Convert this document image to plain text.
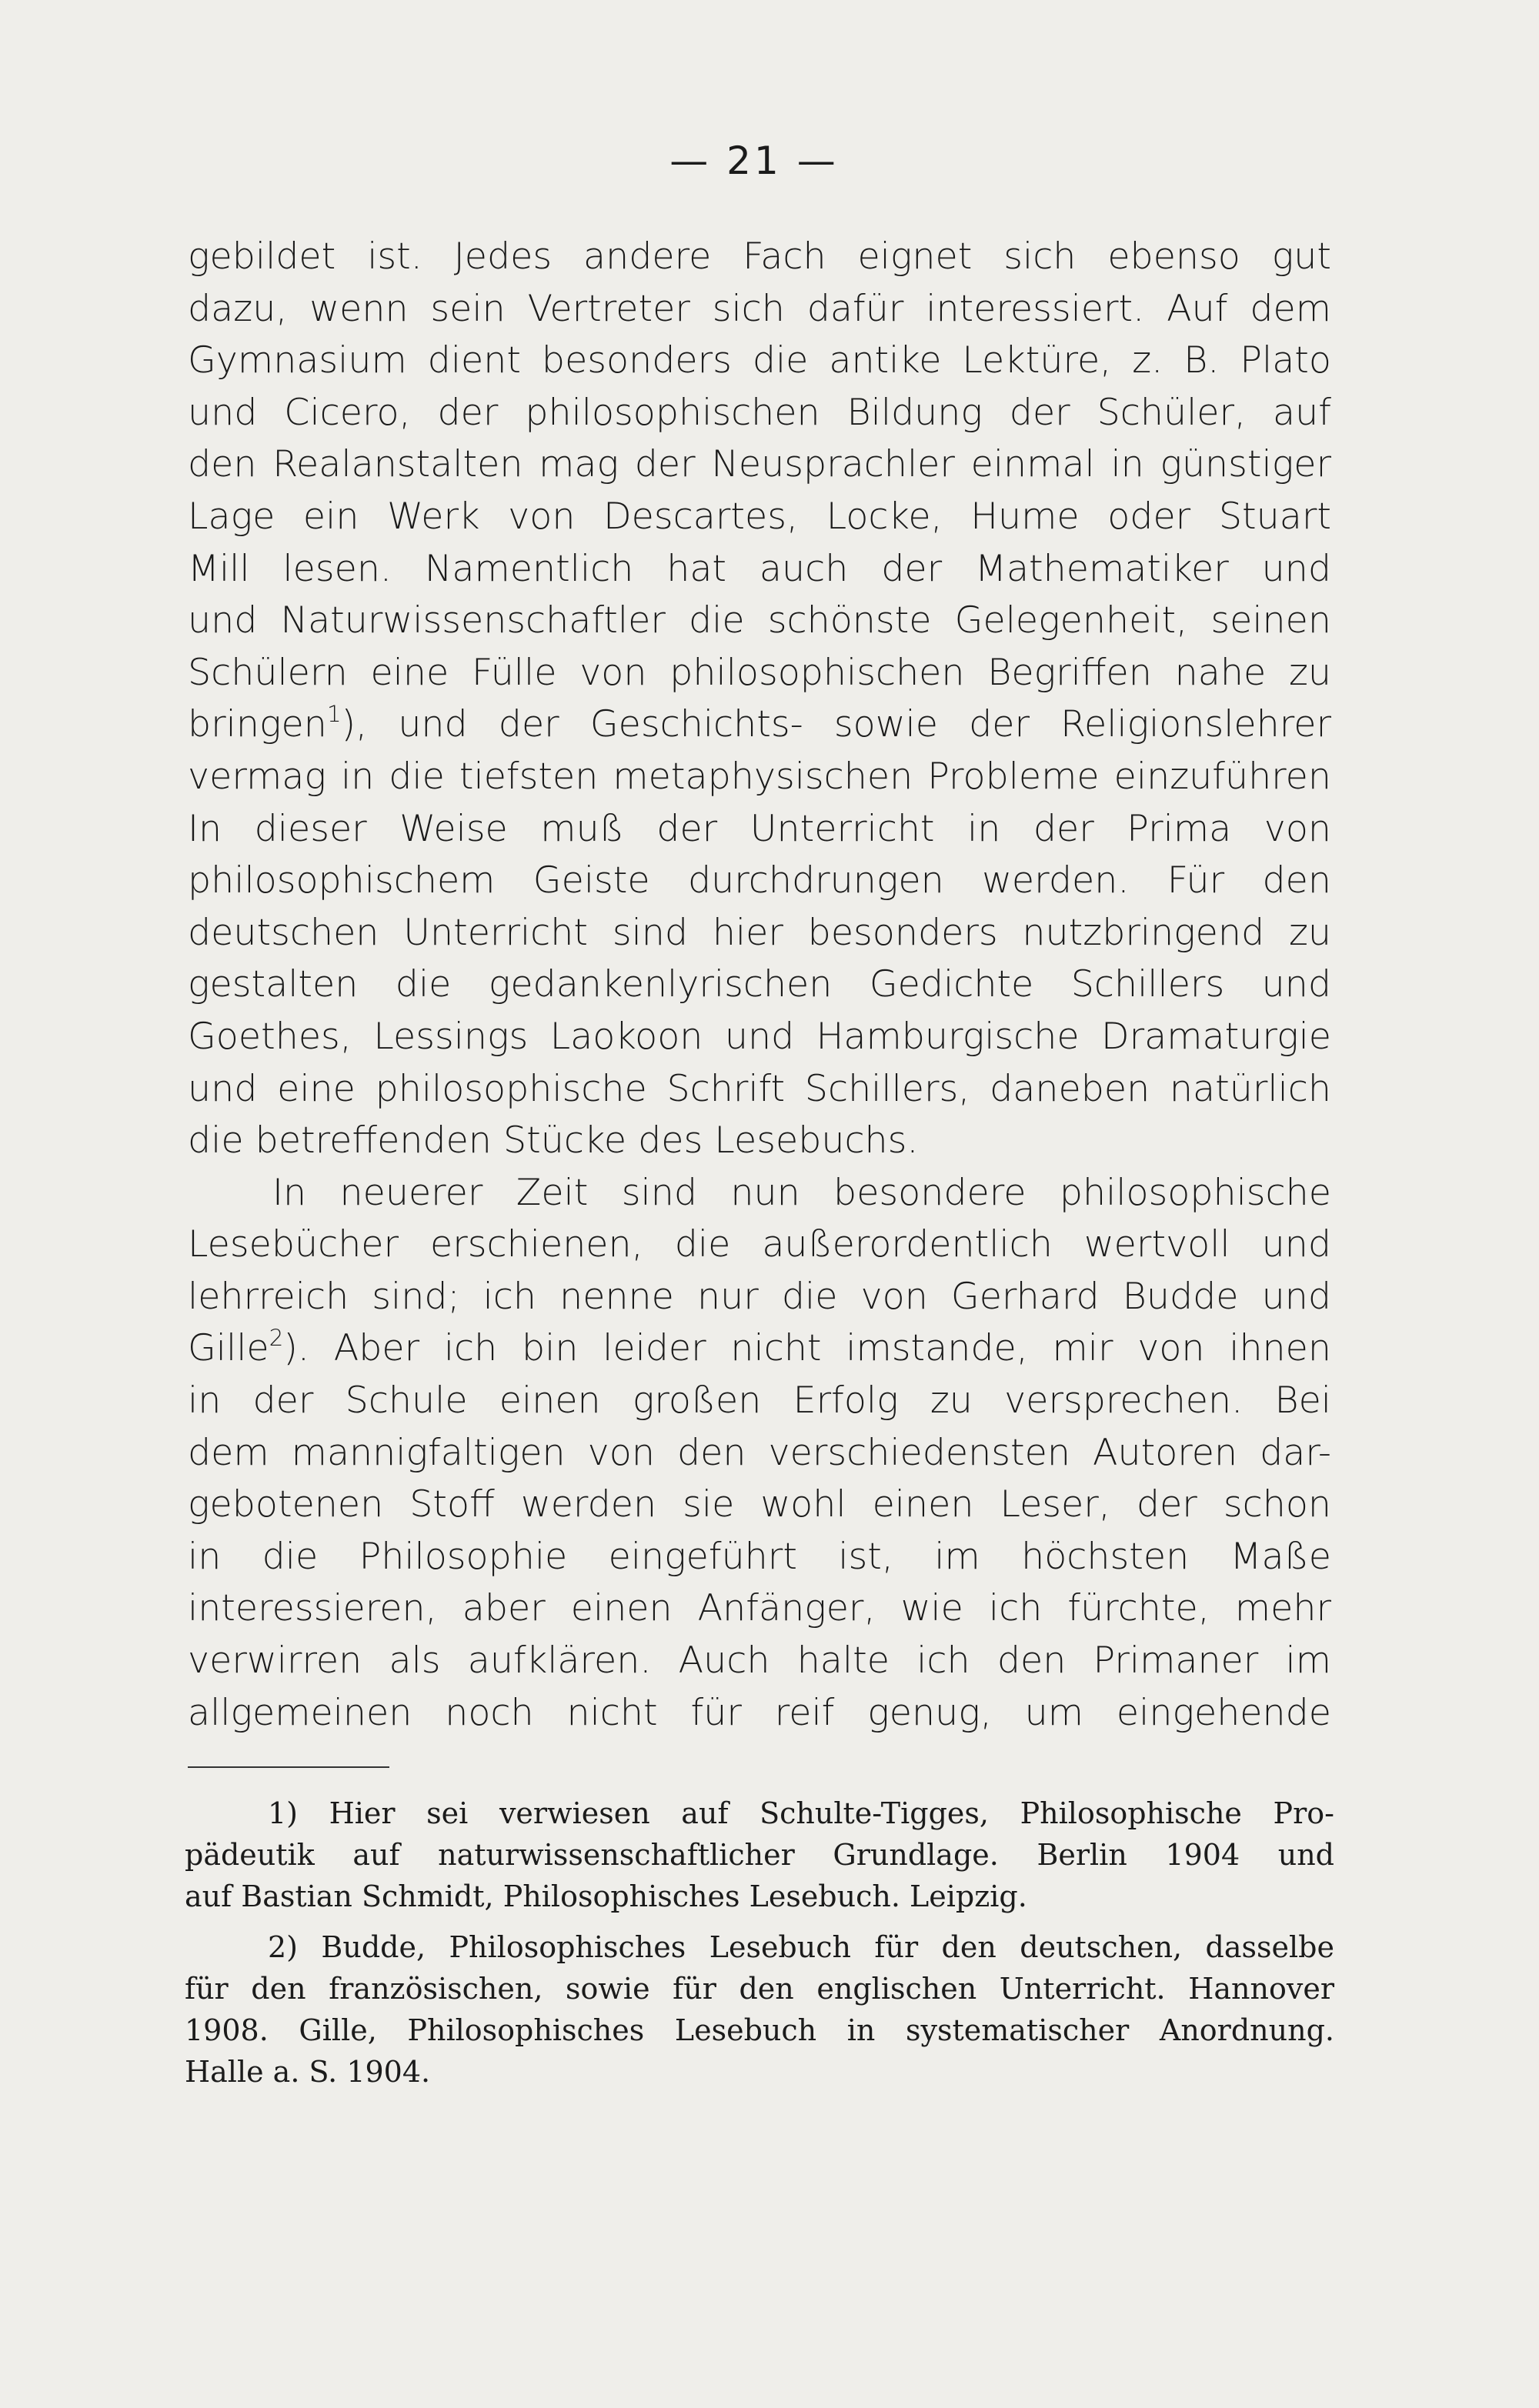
— 21 —
gebildet ist. Jedes andere Fach eignet sich ebenso gut
dazu, wenn sein Vertreter sich dafür interessiert. Auf dem
Gymnasium dient besonders die antike Lektüre, z. B. Plato
und Cicero, der philosophischen Bildung der Schüler, auf
den Realanstalten mag der Neusprachler einmal in günstiger
Lage ein Werk von Descartes, Locke, Hume oder Stuart
Mill lesen. Namentlich hat auch der Mathematiker und
und Naturwissenschaftler die schönste Gelegenheit, seinen
Schülern eine Fülle von philosophischen Begriffen nahe zu
bringen$^1$), und der Geschichts- sowie der Religionslehrer
vermag in die tiefsten metaphysischen Probleme einzuführen
In dieser Weise muß der Unterricht in der Prima von
philosophischem Geiste durchdrungen werden. Für den
deutschen Unterricht sind hier besonders nutzbringend zu
gestalten die gedankenlyrischen Gedichte Schillers und
Goethes, Lessings Laokoon und Hamburgische Dramaturgie
und eine philosophische Schrift Schillers, daneben natürlich
die betreffenden Stücke des Lesebuchs.
In neuerer Zeit sind nun besondere philosophische
Lesebücher erschienen, die außerordentlich wertvoll und
lehrreich sind; ich nenne nur die von Gerhard Budde und
Gille$^2$). Aber ich bin leider nicht imstande, mir von ihnen
in der Schule einen großen Erfolg zu versprechen. Bei
dem mannigfaltigen von den verschiedensten Autoren dar-
gebotenen Stoff werden sie wohl einen Leser, der schon
in die Philosophie eingeführt ist, im höchsten Maße
interessieren, aber einen Anfänger, wie ich fürchte, mehr
verwirren als aufklären. Auch halte ich den Primaner im
allgemeinen noch nicht für reif genug, um eingehende
1) Hier sei verwiesen auf Schulte-Tigges, Philosophische Pro-
pädeutik auf naturwissenschaftlicher Grundlage. Berlin 1904 und
auf Bastian Schmidt, Philosophisches Lesebuch. Leipzig.
2) Budde, Philosophisches Lesebuch für den deutschen, dasselbe
für den französischen, sowie für den englischen Unterricht. Hannover
1908. Gille, Philosophisches Lesebuch in systematischer Anordnung.
Halle a. S. 1904.
